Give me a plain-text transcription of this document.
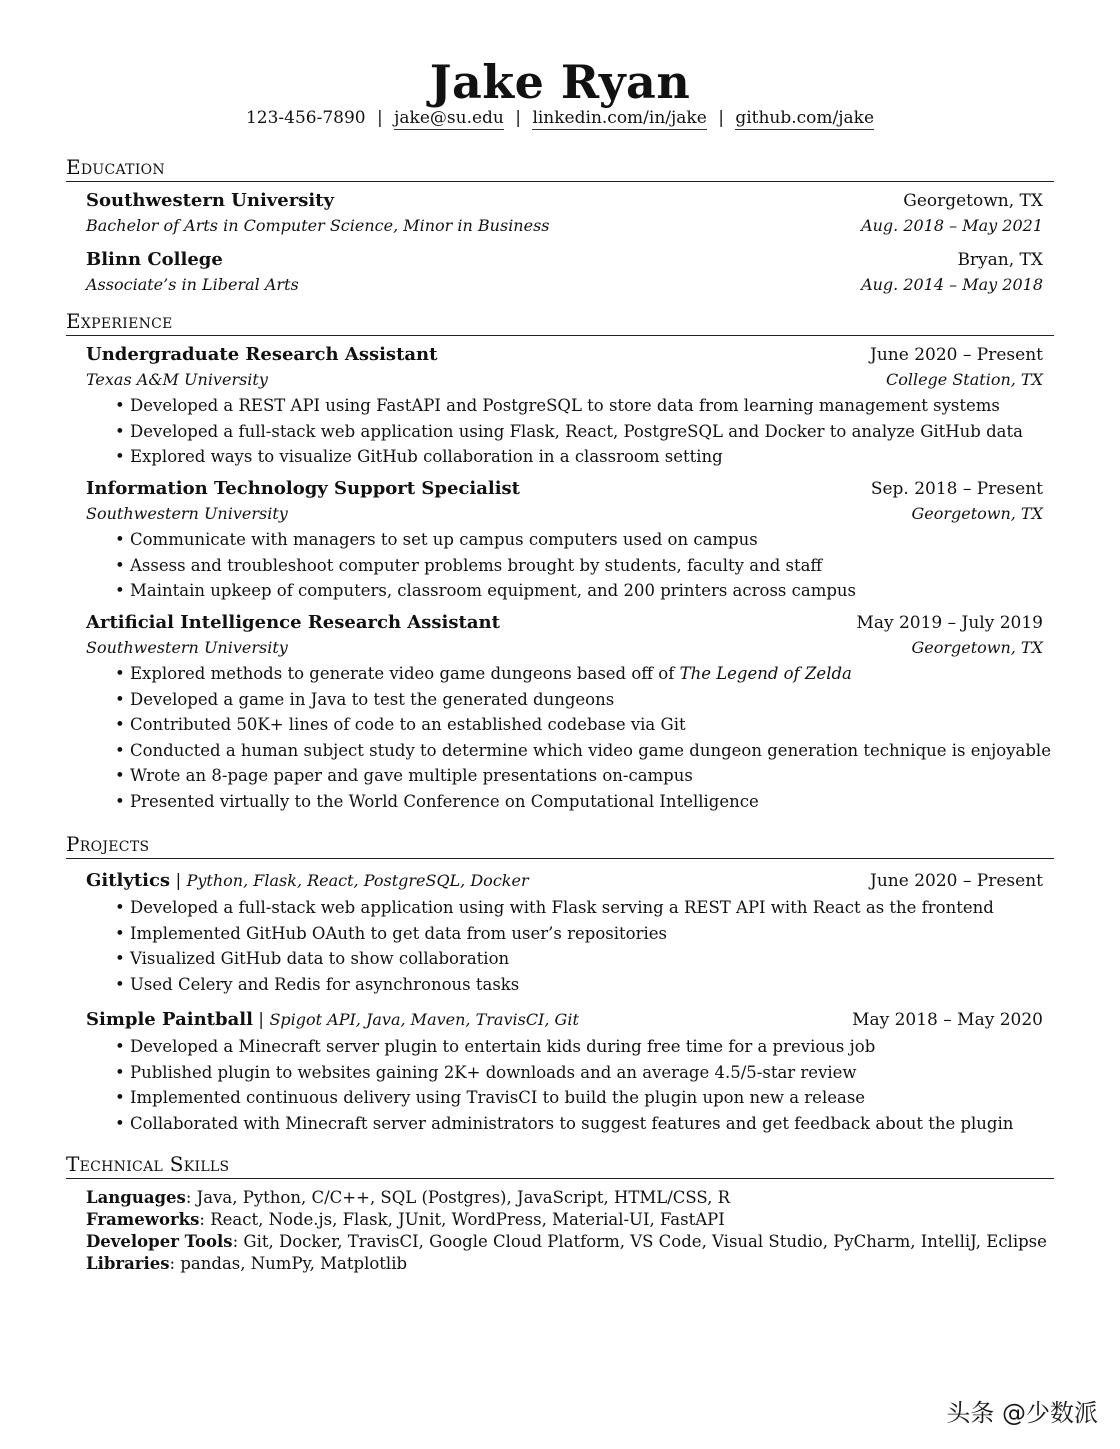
Jake Ryan
123-456-7890 | jake@su.edu | linkedin.com/in/jake | github.com/jake
Education
Southwestern University	Georgetown, TX
Bachelor of Arts in Computer Science, Minor in Business	Aug. 2018 – May 2021
Blinn College	Bryan, TX
Associate’s in Liberal Arts	Aug. 2014 – May 2018
Experience
Undergraduate Research Assistant	June 2020 – Present
Texas A&M University	College Station, TX
• Developed a REST API using FastAPI and PostgreSQL to store data from learning management systems
• Developed a full-stack web application using Flask, React, PostgreSQL and Docker to analyze GitHub data
• Explored ways to visualize GitHub collaboration in a classroom setting
Information Technology Support Specialist	Sep. 2018 – Present
Southwestern University	Georgetown, TX
• Communicate with managers to set up campus computers used on campus
• Assess and troubleshoot computer problems brought by students, faculty and staff
• Maintain upkeep of computers, classroom equipment, and 200 printers across campus
Artificial Intelligence Research Assistant	May 2019 – July 2019
Southwestern University	Georgetown, TX
• Explored methods to generate video game dungeons based off of The Legend of Zelda
• Developed a game in Java to test the generated dungeons
• Contributed 50K+ lines of code to an established codebase via Git
• Conducted a human subject study to determine which video game dungeon generation technique is enjoyable
• Wrote an 8-page paper and gave multiple presentations on-campus
• Presented virtually to the World Conference on Computational Intelligence
Projects
Gitlytics | Python, Flask, React, PostgreSQL, Docker	June 2020 – Present
• Developed a full-stack web application using with Flask serving a REST API with React as the frontend
• Implemented GitHub OAuth to get data from user’s repositories
• Visualized GitHub data to show collaboration
• Used Celery and Redis for asynchronous tasks
Simple Paintball | Spigot API, Java, Maven, TravisCI, Git	May 2018 – May 2020
• Developed a Minecraft server plugin to entertain kids during free time for a previous job
• Published plugin to websites gaining 2K+ downloads and an average 4.5/5-star review
• Implemented continuous delivery using TravisCI to build the plugin upon new a release
• Collaborated with Minecraft server administrators to suggest features and get feedback about the plugin
Technical Skills
Languages: Java, Python, C/C++, SQL (Postgres), JavaScript, HTML/CSS, R
Frameworks: React, Node.js, Flask, JUnit, WordPress, Material-UI, FastAPI
Developer Tools: Git, Docker, TravisCI, Google Cloud Platform, VS Code, Visual Studio, PyCharm, IntelliJ, Eclipse
Libraries: pandas, NumPy, Matplotlib
头条 @少数派
